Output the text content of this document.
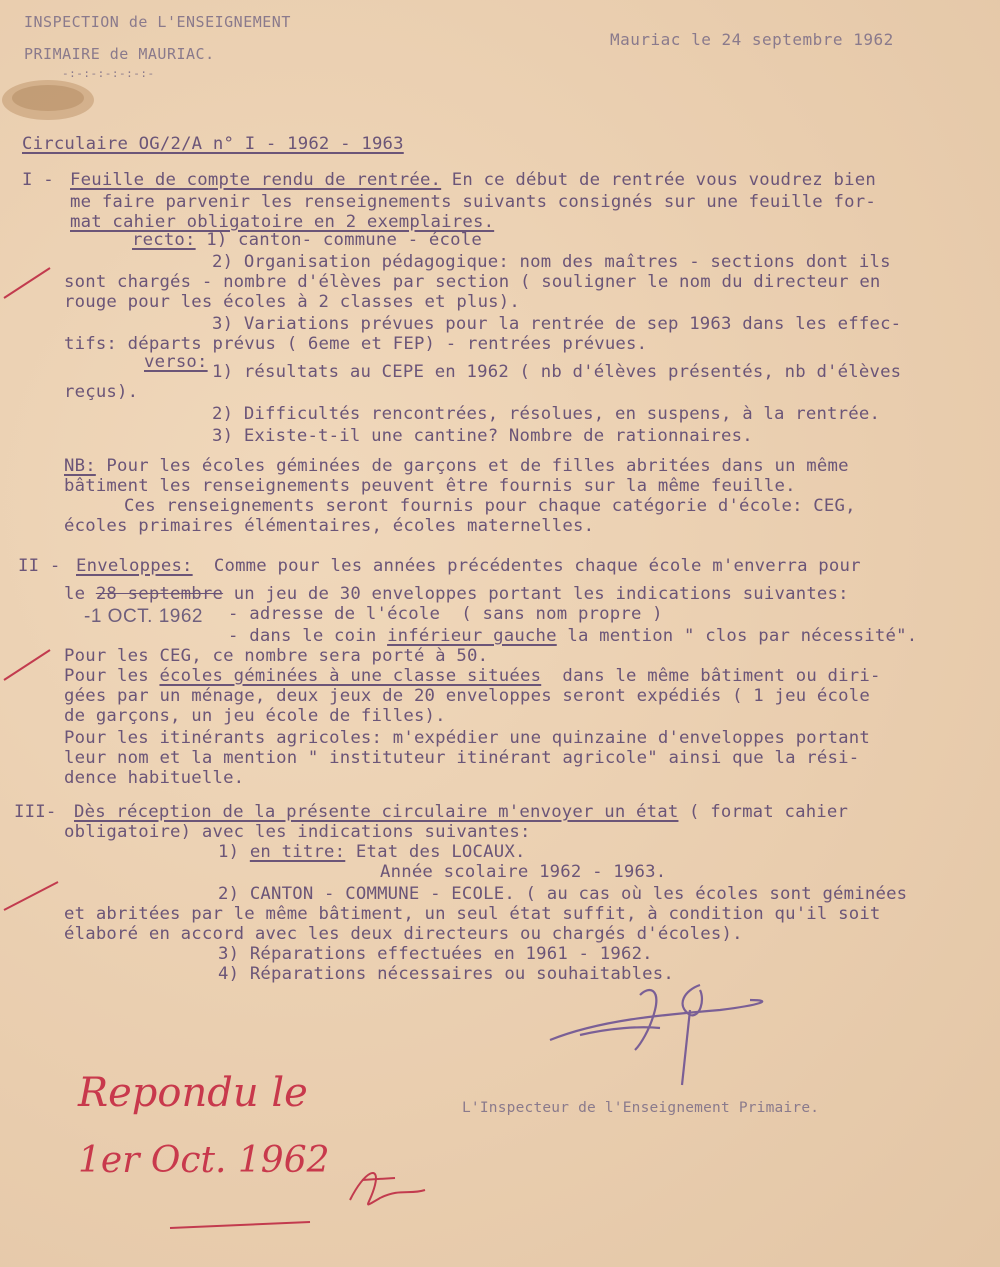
INSPECTION de L'ENSEIGNEMENT
PRIMAIRE de MAURIAC.
-:-:-:-:-:-:-
Mauriac le 24 septembre 1962
Circulaire OG/2/A n° I - 1962 - 1963
I - Feuille de compte rendu de rentrée. En ce début de rentrée vous voudrez bien
me faire parvenir les renseignements suivants consignés sur une feuille for-
mat cahier obligatoire en 2 exemplaires.
recto: 1) canton- commune - école
2) Organisation pédagogique: nom des maîtres - sections dont ils
sont chargés - nombre d'élèves par section ( souligner le nom du directeur en
rouge pour les écoles à 2 classes et plus).
3) Variations prévues pour la rentrée de sep 1963 dans les effec-
tifs: départs prévus ( 6eme et FEP) - rentrées prévues.
verso: 1) résultats au CEPE en 1962 ( nb d'élèves présentés, nb d'élèves
reçus).
2) Difficultés rencontrées, résolues, en suspens, à la rentrée.
3) Existe-t-il une cantine? Nombre de rationnaires.
NB: Pour les écoles géminées de garçons et de filles abritées dans un même
bâtiment les renseignements peuvent être fournis sur la même feuille.
Ces renseignements seront fournis pour chaque catégorie d'école: CEG,
écoles primaires élémentaires, écoles maternelles.
II - Enveloppes:  Comme pour les années précédentes chaque école m'enverra pour
le 28 septembre un jeu de 30 enveloppes portant les indications suivantes:
-1 OCT. 1962 - adresse de l'école  ( sans nom propre )
- dans le coin inférieur gauche la mention " clos par nécessité".
Pour les CEG, ce nombre sera porté à 50.
Pour les écoles géminées à une classe situées  dans le même bâtiment ou diri-
gées par un ménage, deux jeux de 20 enveloppes seront expédiés ( 1 jeu école
de garçons, un jeu école de filles).
Pour les itinérants agricoles: m'expédier une quinzaine d'enveloppes portant
leur nom et la mention " instituteur itinérant agricole" ainsi que la rési-
dence habituelle.
III- Dès réception de la présente circulaire m'envoyer un état ( format cahier
obligatoire) avec les indications suivantes:
1) en titre: Etat des LOCAUX.
Année scolaire 1962 - 1963.
2) CANTON - COMMUNE - ECOLE. ( au cas où les écoles sont géminées
et abritées par le même bâtiment, un seul état suffit, à condition qu'il soit
élaboré en accord avec les deux directeurs ou chargés d'écoles).
3) Réparations effectuées en 1961 - 1962.
4) Réparations nécessaires ou souhaitables.
L'Inspecteur de l'Enseignement Primaire.
Repondu le
1er Oct. 1962
